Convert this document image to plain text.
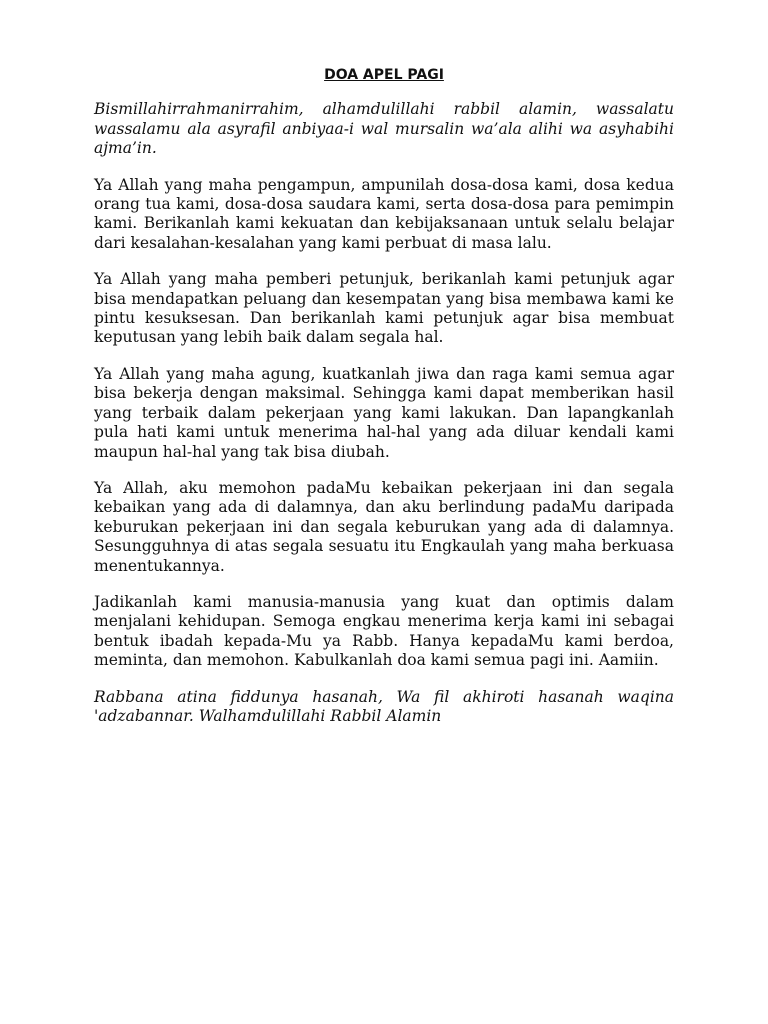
DOA APEL PAGI

Bismillahirrahmanirrahim, alhamdulillahi rabbil alamin, wassalatu wassalamu ala asyrafil anbiyaa-i wal mursalin wa’ala alihi wa asyhabihi ajma’in.

Ya Allah yang maha pengampun, ampunilah dosa-dosa kami, dosa kedua orang tua kami, dosa-dosa saudara kami, serta dosa-dosa para pemimpin kami. Berikanlah kami kekuatan dan kebijaksanaan untuk selalu belajar dari kesalahan-kesalahan yang kami perbuat di masa lalu.

Ya Allah yang maha pemberi petunjuk, berikanlah kami petunjuk agar bisa mendapatkan peluang dan kesempatan yang bisa membawa kami ke pintu kesuksesan. Dan berikanlah kami petunjuk agar bisa membuat keputusan yang lebih baik dalam segala hal.

Ya Allah yang maha agung, kuatkanlah jiwa dan raga kami semua agar bisa bekerja dengan maksimal. Sehingga kami dapat memberikan hasil yang terbaik dalam pekerjaan yang kami lakukan. Dan lapangkanlah pula hati kami untuk menerima hal-hal yang ada diluar kendali kami maupun hal-hal yang tak bisa diubah.

Ya Allah, aku memohon padaMu kebaikan pekerjaan ini dan segala kebaikan yang ada di dalamnya, dan aku berlindung padaMu daripada keburukan pekerjaan ini dan segala keburukan yang ada di dalamnya. Sesungguhnya di atas segala sesuatu itu Engkaulah yang maha berkuasa menentukannya.

Jadikanlah kami manusia-manusia yang kuat dan optimis dalam menjalani kehidupan. Semoga engkau menerima kerja kami ini sebagai bentuk ibadah kepada-Mu ya Rabb. Hanya kepadaMu kami berdoa, meminta, dan memohon. Kabulkanlah doa kami semua pagi ini. Aamiin.

Rabbana atina fiddunya hasanah, Wa fil akhiroti hasanah waqina 'adzabannar. Walhamdulillahi Rabbil Alamin
